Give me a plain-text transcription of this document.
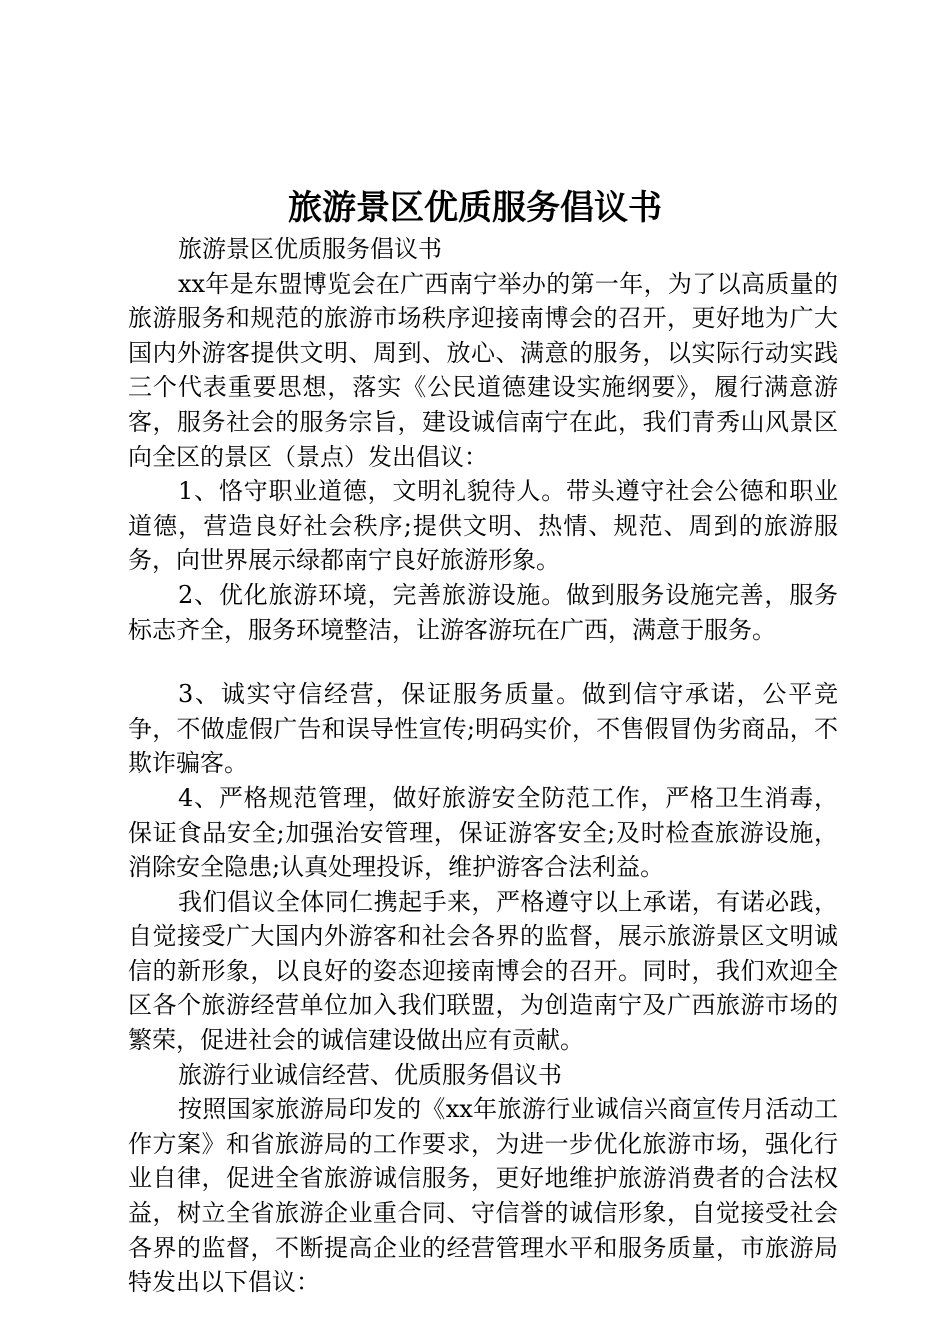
旅游景区优质服务倡议书

旅游景区优质服务倡议书

xx年是东盟博览会在广西南宁举办的第一年，为了以高质量的旅游服务和规范的旅游市场秩序迎接南博会的召开，更好地为广大国内外游客提供文明、周到、放心、满意的服务，以实际行动实践三个代表重要思想，落实《公民道德建设实施纲要》，履行满意游客，服务社会的服务宗旨，建设诚信南宁在此，我们青秀山风景区向全区的景区（景点）发出倡议：

1、恪守职业道德，文明礼貌待人。带头遵守社会公德和职业道德，营造良好社会秩序;提供文明、热情、规范、周到的旅游服务，向世界展示绿都南宁良好旅游形象。

2、优化旅游环境，完善旅游设施。做到服务设施完善，服务标志齐全，服务环境整洁，让游客游玩在广西，满意于服务。

3、诚实守信经营，保证服务质量。做到信守承诺，公平竞争，不做虚假广告和误导性宣传;明码实价，不售假冒伪劣商品，不欺诈骗客。

4、严格规范管理，做好旅游安全防范工作，严格卫生消毒，保证食品安全;加强治安管理，保证游客安全;及时检查旅游设施，消除安全隐患;认真处理投诉，维护游客合法利益。

我们倡议全体同仁携起手来，严格遵守以上承诺，有诺必践，自觉接受广大国内外游客和社会各界的监督，展示旅游景区文明诚信的新形象，以良好的姿态迎接南博会的召开。同时，我们欢迎全区各个旅游经营单位加入我们联盟，为创造南宁及广西旅游市场的繁荣，促进社会的诚信建设做出应有贡献。

旅游行业诚信经营、优质服务倡议书

按照国家旅游局印发的《xx年旅游行业诚信兴商宣传月活动工作方案》和省旅游局的工作要求，为进一步优化旅游市场，强化行业自律，促进全省旅游诚信服务，更好地维护旅游消费者的合法权益，树立全省旅游企业重合同、守信誉的诚信形象，自觉接受社会各界的监督，不断提高企业的经营管理水平和服务质量，市旅游局特发出以下倡议：
